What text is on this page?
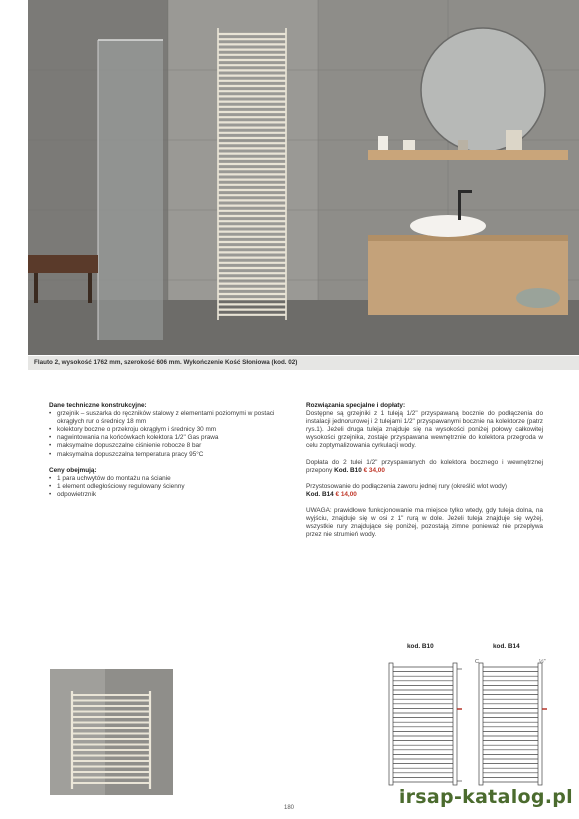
Flauto 2, wysokość 1762 mm, szerokość 606 mm. Wykończenie Kość Słoniowa (kod. 02)
Dane techniczne konstrukcyjne:
• grzejnik – suszarka do ręczników stalowy z elementami poziomymi w postaci okrągłych rur o średnicy 18 mm
• kolektory boczne o przekroju okrągłym i średnicy 30 mm
• nagwintowania na końcówkach kolektora 1/2" Gas prawa
• maksymalne dopuszczalne ciśnienie robocze 8 bar
• maksymalna dopuszczalna temperatura pracy 95°C
Ceny obejmują:
• 1 para uchwytów do montażu na ścianie
• 1 element odległościowy regulowany ścienny
• odpowietrznik
Rozwiązania specjalne i dopłaty:

Dostępne są grzejniki z 1 tuleją 1/2" przyspawaną bocznie do podłączenia do instalacji jednorurowej i 2 tulejami 1/2" przyspawanymi bocznie na kolektorze (patrz rys.1). Jeżeli druga tuleja znajduje się na wysokości poniżej połowy całkowitej wysokości grzejnika, zostaje przyspawana wewnętrznie do kolektora przegroda w celu zoptymalizowania cyrkulacji wody.

Dopłata do 2 tulei 1/2" przyspawanych do kolektora bocznego i wewnętrznej przepony Kod. B10 € 34,00

Przystosowanie do podłączenia zaworu jednej rury (określić wlot wody)
Kod. B14 € 14,00

UWAGA: prawidłowe funkcjonowanie ma miejsce tylko wtedy, gdy tuleja dolna, na wyjściu, znajduje się w osi z 1" rurą w dole. Jeżeli tuleja znajduje się wyżej, wszystkie rury znajdujące się poniżej, pozostają zimne ponieważ nie przepływa przez nie strumień wody.

kod. B10	kod. B14
C	½"
180	irsap-katalog.pl
